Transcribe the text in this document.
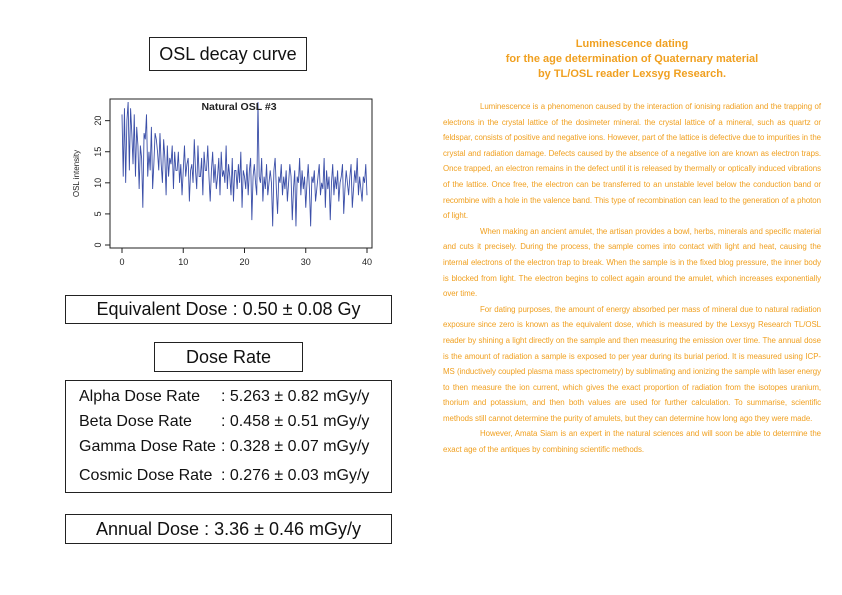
OSL decay curve
0	10	20	30	40
0
5
10
15
20
Natural OSL #3
OSL intensity
Equivalent Dose : 0.50 ± 0.08 Gy
Dose Rate
Alpha Dose Rate : 5.263 ± 0.82 mGy/y
Beta Dose Rate : 0.458 ± 0.51 mGy/y
Gamma Dose Rate : 0.328 ± 0.07 mGy/y
Cosmic Dose Rate : 0.276 ± 0.03 mGy/y
Annual Dose : 3.36 ± 0.46 mGy/y
Luminescence dating
for the age determination of Quaternary material
by TL/OSL reader Lexsyg Research.

Luminescence is a phenomenon caused by the interaction of ionising radiation and the trapping of electrons in the crystal lattice of the dosimeter mineral. the crystal lattice of a mineral, such as quartz or feldspar, consists of positive and negative ions. However, part of the lattice is defective due to impurities in the crystal and radiation damage. Defects caused by the absence of a negative ion are known as electron traps. Once trapped, an electron remains in the defect until it is released by thermally or optically induced vibrations of the lattice. Once free, the electron can be transferred to an unstable level below the conduction band or recombine with a hole in the valence band. This type of recombination can lead to the generation of a photon of light.

When making an ancient amulet, the artisan provides a bowl, herbs, minerals and specific material and cuts it precisely. During the process, the sample comes into contact with light and heat, causing the internal electrons of the electron trap to break. When the sample is in the fixed blog pressure, the inner body is blocked from light. The electron begins to collect again around the amulet, which increases exponentially over time.

For dating purposes, the amount of energy absorbed per mass of mineral due to natural radiation exposure since zero is known as the equivalent dose, which is measured by the Lexsyg Research TL/OSL reader by shining a light directly on the sample and then measuring the emission over time. The annual dose is the amount of radiation a sample is exposed to per year during its burial period. It is measured using ICP-MS (inductively coupled plasma mass spectrometry) by sublimating and ionizing the sample with laser energy to then measure the ion current, which gives the exact proportion of radiation from the isotopes uranium, thorium and potassium, and then both values are used for further calculation. To summarise, scientific methods still cannot determine the purity of amulets, but they can determine how long ago they were made.

However, Amata Siam is an expert in the natural sciences and will soon be able to determine the exact age of the antiques by combining scientific methods.
